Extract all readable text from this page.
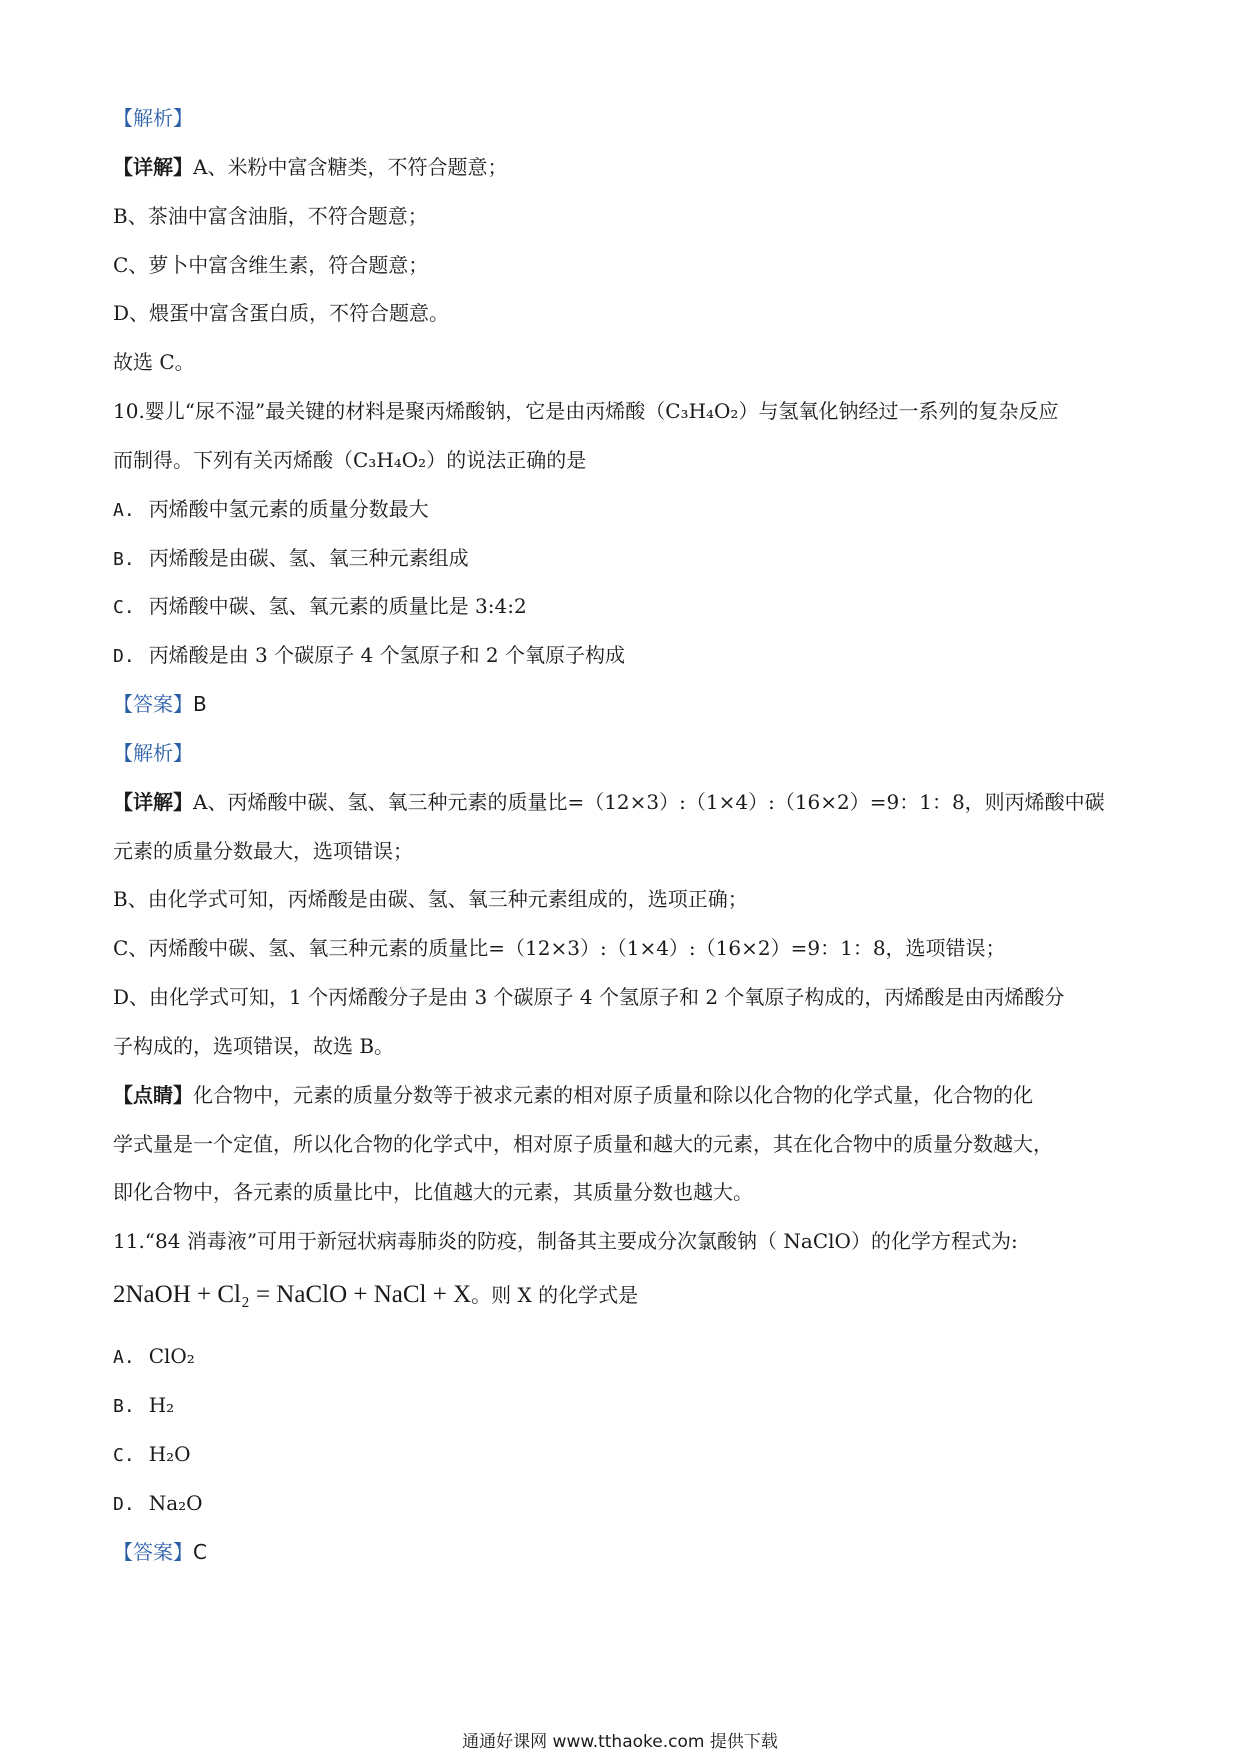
【解析】
【详解】A、米粉中富含糖类，不符合题意；
B、茶油中富含油脂，不符合题意；
C、萝卜中富含维生素，符合题意；
D、煨蛋中富含蛋白质，不符合题意。
故选 C。
10.婴儿“尿不湿”最关键的材料是聚丙烯酸钠，它是由丙烯酸（C₃H₄O₂）与氢氧化钠经过一系列的复杂反应
而制得。下列有关丙烯酸（C₃H₄O₂）的说法正确的是
A. 丙烯酸中氢元素的质量分数最大
B. 丙烯酸是由碳、氢、氧三种元素组成
C. 丙烯酸中碳、氢、氧元素的质量比是 3:4:2
D. 丙烯酸是由 3 个碳原子 4 个氢原子和 2 个氧原子构成
【答案】B
【解析】
【详解】A、丙烯酸中碳、氢、氧三种元素的质量比=（12×3）:（1×4）:（16×2）=9：1：8，则丙烯酸中碳
元素的质量分数最大，选项错误；
B、由化学式可知，丙烯酸是由碳、氢、氧三种元素组成的，选项正确；
C、丙烯酸中碳、氢、氧三种元素的质量比=（12×3）:（1×4）:（16×2）=9：1：8，选项错误；
D、由化学式可知，1 个丙烯酸分子是由 3 个碳原子 4 个氢原子和 2 个氧原子构成的，丙烯酸是由丙烯酸分
子构成的，选项错误，故选 B。
【点睛】化合物中，元素的质量分数等于被求元素的相对原子质量和除以化合物的化学式量，化合物的化
学式量是一个定值，所以化合物的化学式中，相对原子质量和越大的元素，其在化合物中的质量分数越大，
即化合物中，各元素的质量比中，比值越大的元素，其质量分数也越大。
11.“84 消毒液”可用于新冠状病毒肺炎的防疫，制备其主要成分次氯酸钠（ NaClO）的化学方程式为:
2NaOH + Cl₂ = NaClO + NaCl + X。则 X 的化学式是
A. ClO₂
B. H₂
C. H₂O
D. Na₂O
【答案】C
通通好课网 www.tthaoke.com 提供下载
